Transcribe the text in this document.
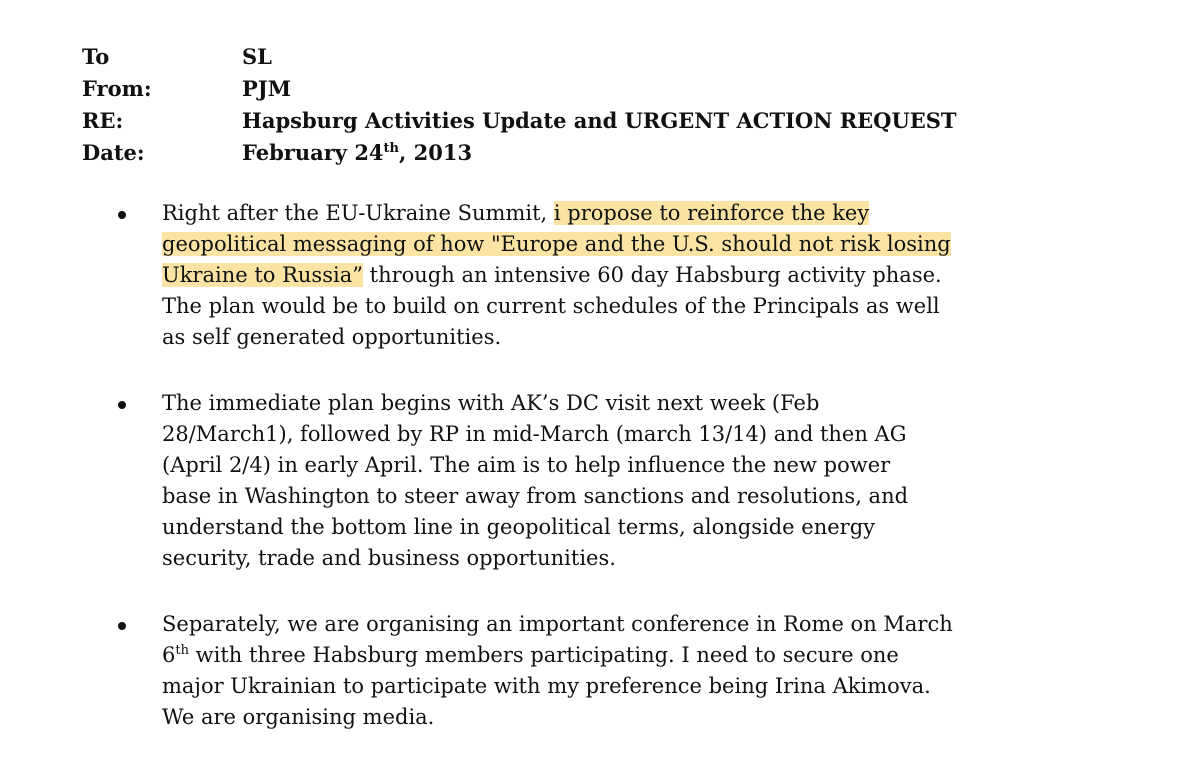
To	SL
From:	PJM
RE:	Hapsburg Activities Update and URGENT ACTION REQUEST
Date:	February 24th, 2013
Right after the EU-Ukraine Summit, i propose to reinforce the key
geopolitical messaging of how "Europe and the U.S. should not risk losing
Ukraine to Russia” through an intensive 60 day Habsburg activity phase.
The plan would be to build on current schedules of the Principals as well
as self generated opportunities.
The immediate plan begins with AK’s DC visit next week (Feb
28/March1), followed by RP in mid-March (march 13/14) and then AG
(April 2/4) in early April. The aim is to help influence the new power
base in Washington to steer away from sanctions and resolutions, and
understand the bottom line in geopolitical terms, alongside energy
security, trade and business opportunities.
Separately, we are organising an important conference in Rome on March
6th with three Habsburg members participating. I need to secure one
major Ukrainian to participate with my preference being Irina Akimova.
We are organising media.
